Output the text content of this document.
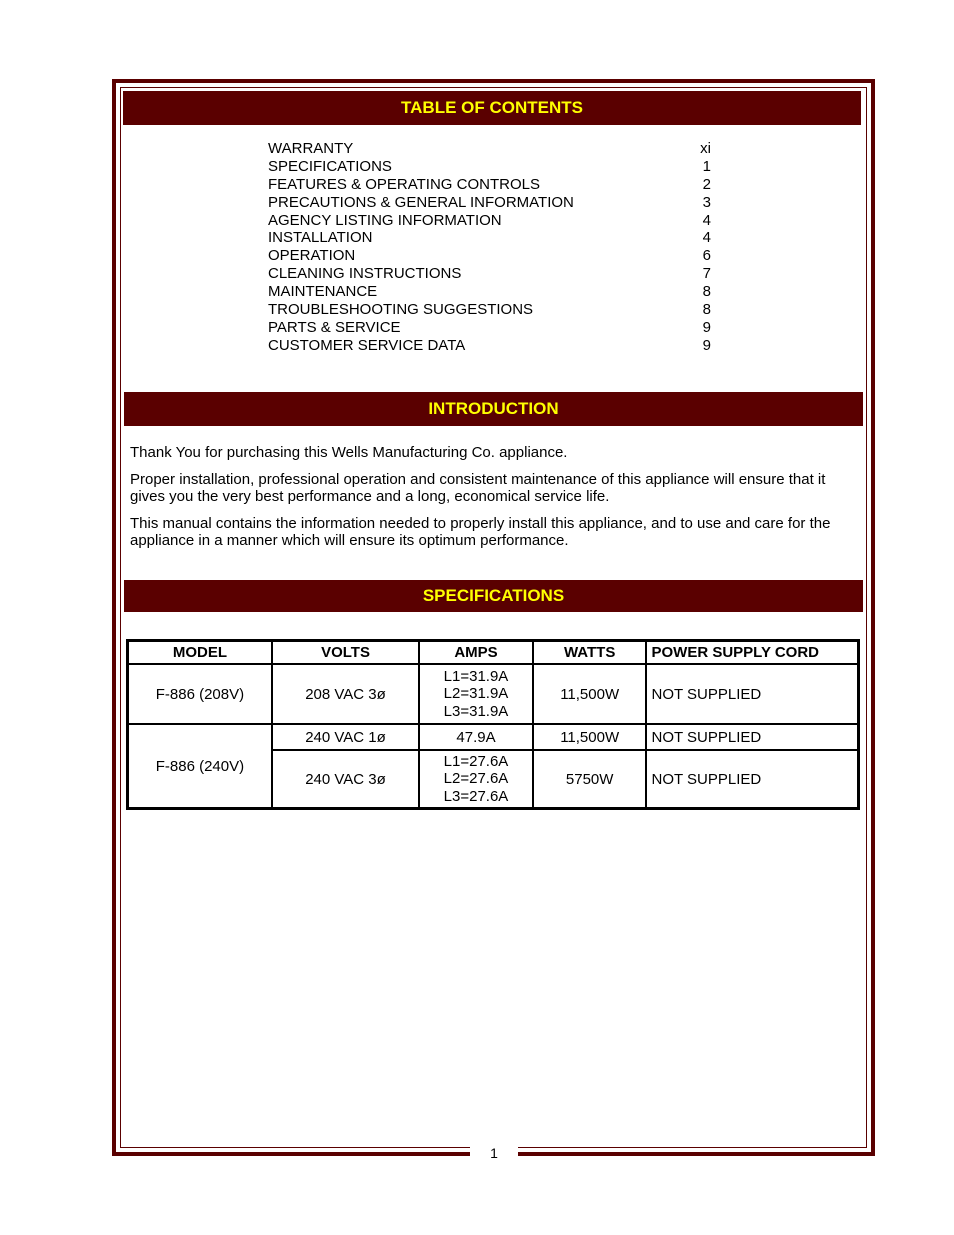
1
TABLE OF CONTENTS
WARRANTY	xi
SPECIFICATIONS	1
FEATURES & OPERATING CONTROLS	2
PRECAUTIONS & GENERAL INFORMATION	3
AGENCY LISTING INFORMATION	4
INSTALLATION	4
OPERATION	6
CLEANING INSTRUCTIONS	7
MAINTENANCE	8
TROUBLESHOOTING SUGGESTIONS	8
PARTS & SERVICE	9
CUSTOMER SERVICE DATA	9
INTRODUCTION

Thank You for purchasing this Wells Manufacturing Co. appliance.

Proper installation, professional operation and consistent maintenance of this appliance will ensure that it gives you the very best performance and a long, economical service life.

This manual contains the information needed to properly install this appliance, and to use and care for the appliance in a manner which will ensure its optimum performance.

SPECIFICATIONS
MODEL	VOLTS	AMPS	WATTS	POWER SUPPLY CORD
F-886 (208V)	208 VAC 3ø	L1=31.9A
L2=31.9A
L3=31.9A	11,500W	NOT SUPPLIED
F-886 (240V)	240 VAC 1ø	47.9A	11,500W	NOT SUPPLIED
	240 VAC 3ø	L1=27.6A
L2=27.6A
L3=27.6A	5750W	NOT SUPPLIED
